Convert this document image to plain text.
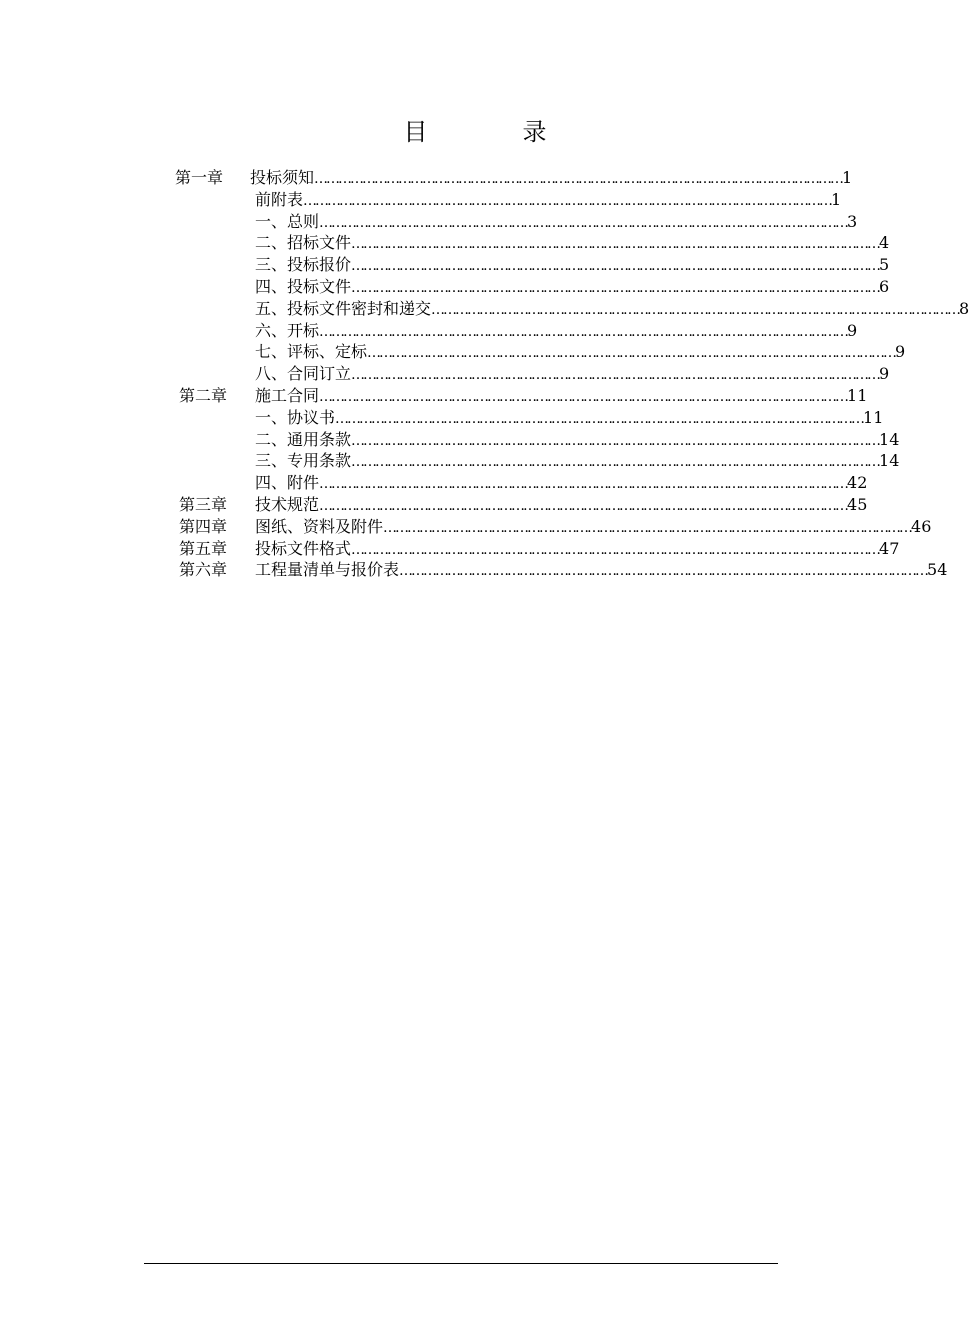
目	录
第一章	投标须知 …………………………………………………………………………………………………………………… 1
前附表 …………………………………………………………………………………………………………………… 1
一、总则 …………………………………………………………………………………………………………………… 3
二、招标文件 …………………………………………………………………………………………………………………… 4
三、投标报价 …………………………………………………………………………………………………………………… 5
四、投标文件 …………………………………………………………………………………………………………………… 6
五、投标文件密封和递交 …………………………………………………………………………………………………………………… 8
六、开标 …………………………………………………………………………………………………………………… 9
七、评标、定标 …………………………………………………………………………………………………………………… 9
八、合同订立 …………………………………………………………………………………………………………………… 9
第二章	施工合同 …………………………………………………………………………………………………………………… 11
一、协议书 …………………………………………………………………………………………………………………… 11
二、通用条款 …………………………………………………………………………………………………………………… 14
三、专用条款 …………………………………………………………………………………………………………………… 14
四、附件 …………………………………………………………………………………………………………………… 42
第三章	技术规范 …………………………………………………………………………………………………………………… 45
第四章	图纸、资料及附件 …………………………………………………………………………………………………………………… 46
第五章	投标文件格式 …………………………………………………………………………………………………………………… 47
第六章	工程量清单与报价表 …………………………………………………………………………………………………………………… 54
